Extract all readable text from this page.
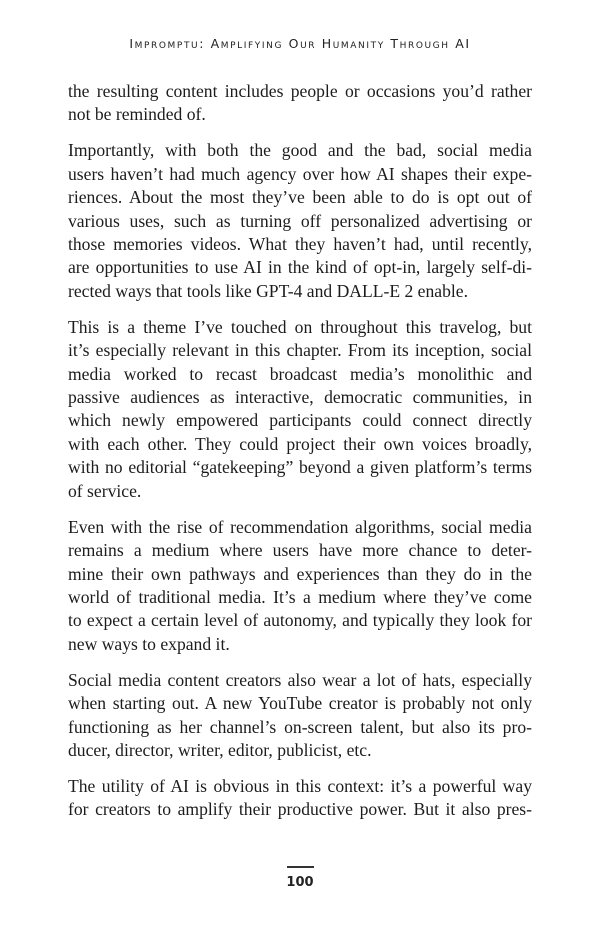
Impromptu: Amplifying Our Humanity Through AI

the resulting content includes people or occasions you’d rather
not be reminded of.

Importantly, with both the good and the bad, social media
users haven’t had much agency over how AI shapes their expe-
riences. About the most they’ve been able to do is opt out of
various uses, such as turning off personalized advertising or
those memories videos. What they haven’t had, until recently,
are opportunities to use AI in the kind of opt-in, largely self-di-
rected ways that tools like GPT-4 and DALL-E 2 enable.

This is a theme I’ve touched on throughout this travelog, but
it’s especially relevant in this chapter. From its inception, social
media worked to recast broadcast media’s monolithic and
passive audiences as interactive, democratic communities, in
which newly empowered participants could connect directly
with each other. They could project their own voices broadly,
with no editorial “gatekeeping” beyond a given platform’s terms
of service.

Even with the rise of recommendation algorithms, social media
remains a medium where users have more chance to deter-
mine their own pathways and experiences than they do in the
world of traditional media. It’s a medium where they’ve come
to expect a certain level of autonomy, and typically they look for
new ways to expand it.

Social media content creators also wear a lot of hats, especially
when starting out. A new YouTube creator is probably not only
functioning as her channel’s on-screen talent, but also its pro-
ducer, director, writer, editor, publicist, etc.

The utility of AI is obvious in this context: it’s a powerful way
for creators to amplify their productive power. But it also pres-

100
